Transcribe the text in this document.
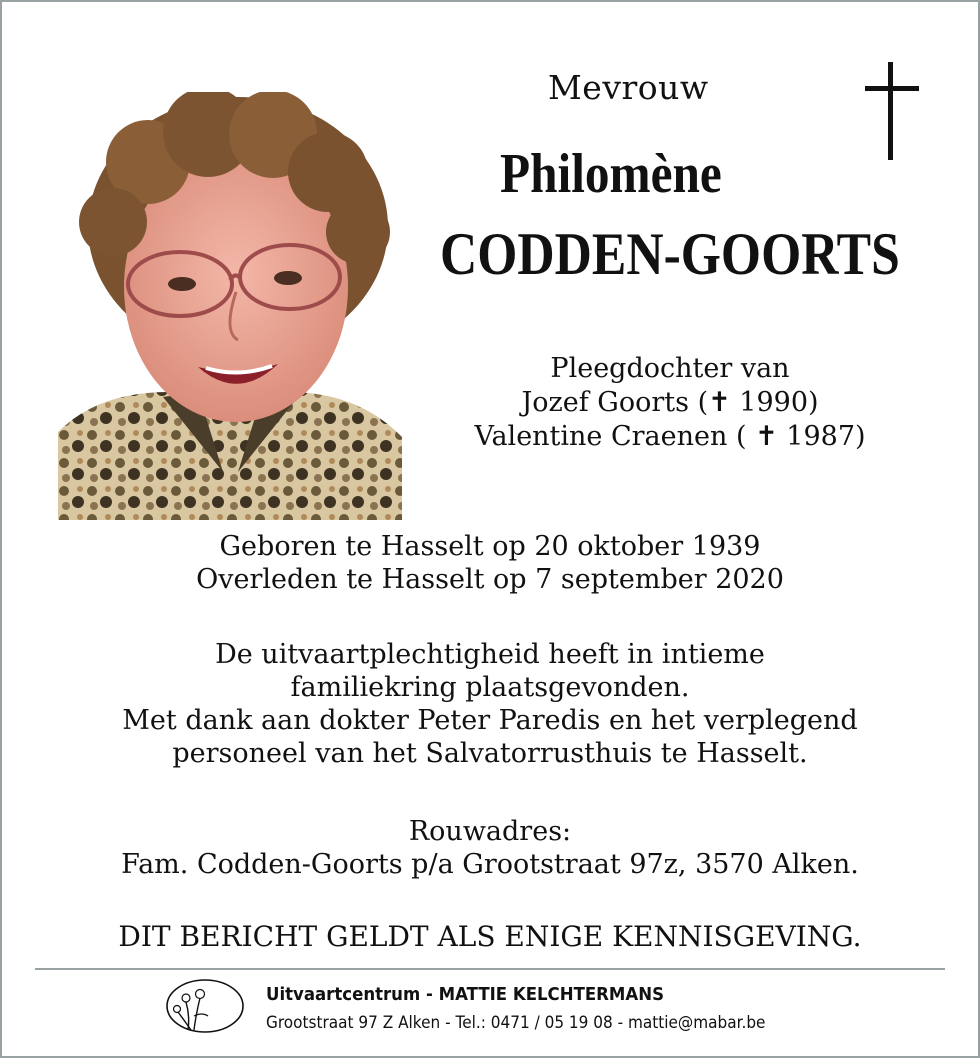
Mevrouw
Philomène
CODDEN-GOORTS
Pleegdochter van
Jozef Goorts (✝ 1990)
Valentine Craenen ( ✝ 1987)
Geboren te Hasselt op 20 oktober 1939
Overleden te Hasselt op 7 september 2020
De uitvaartplechtigheid heeft in intieme
familiekring plaatsgevonden.
Met dank aan dokter Peter Paredis en het verplegend
personeel van het Salvatorrusthuis te Hasselt.
Rouwadres:
Fam. Codden-Goorts p/a Grootstraat 97z, 3570 Alken.
DIT BERICHT GELDT ALS ENIGE KENNISGEVING.
Uitvaartcentrum - MATTIE KELCHTERMANS
Grootstraat 97 Z Alken - Tel.: 0471 / 05 19 08 - mattie@mabar.be
